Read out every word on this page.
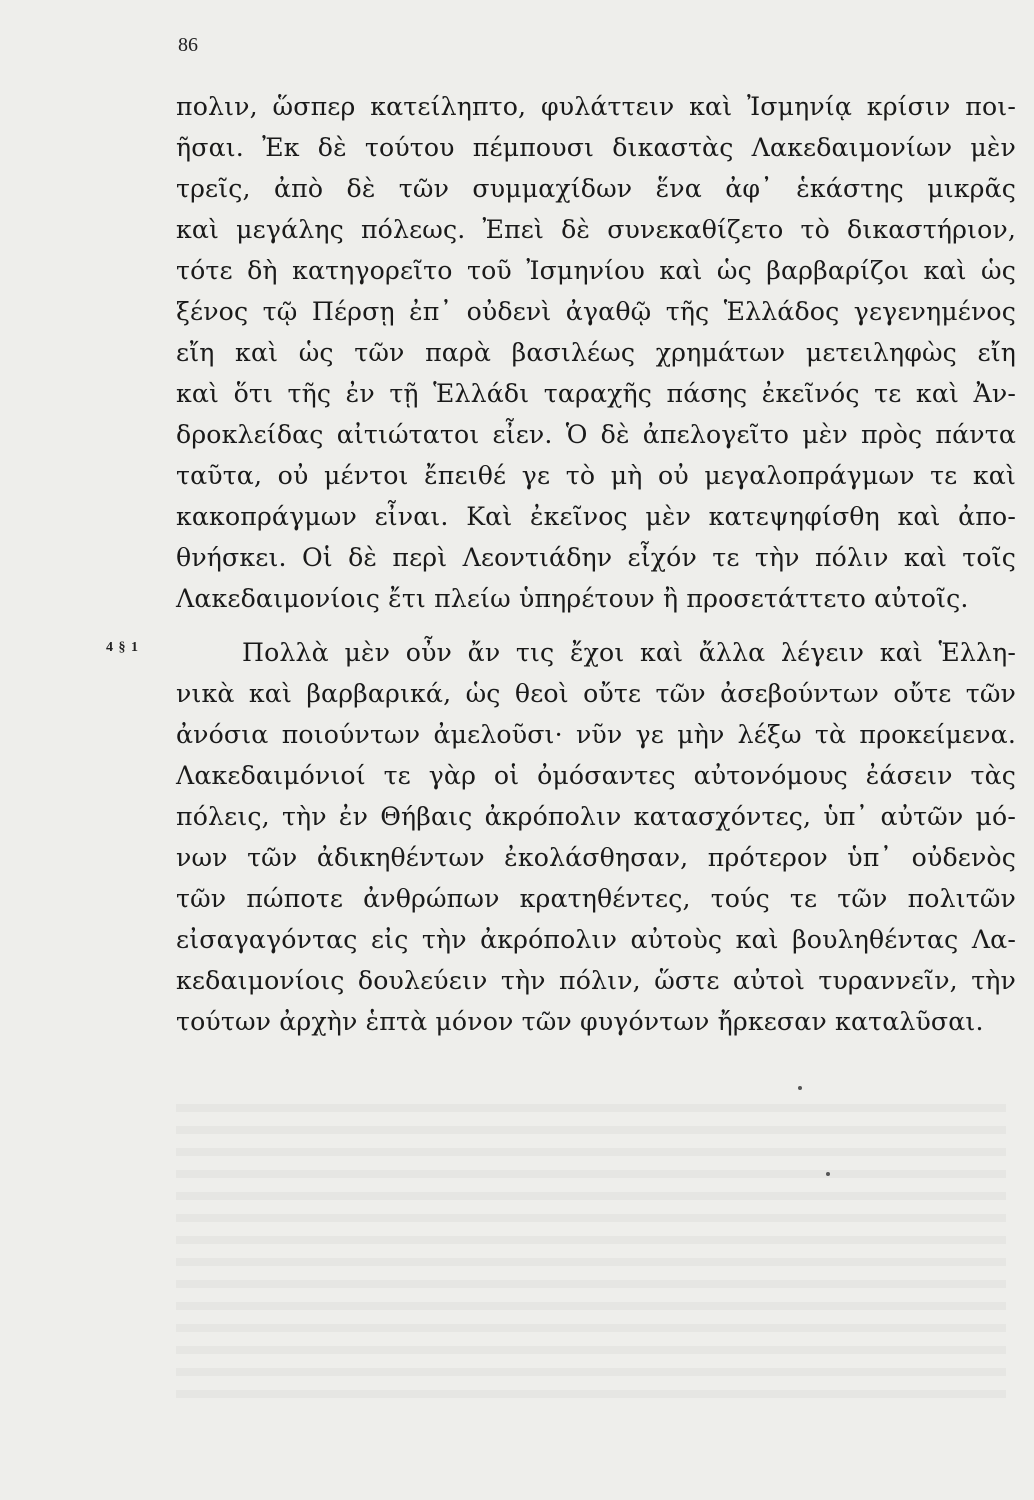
86
4 § 1
πολιν, ὥσπερ κατείληπτο, φυλάττειν καὶ Ἰσμηνίᾳ κρίσιν ποι-
ῆσαι. Ἐκ δὲ τούτου πέμπουσι δικαστὰς Λακεδαιμονίων μὲν
τρεῖς, ἀπὸ δὲ τῶν συμμαχίδων ἕνα ἀφ᾽ ἑκάστης μικρᾶς
καὶ μεγάλης πόλεως. Ἐπεὶ δὲ συνεκαθίζετο τὸ δικαστήριον,
τότε δὴ κατηγορεῖτο τοῦ Ἰσμηνίου καὶ ὡς βαρβαρίζοι καὶ ὡς
ξένος τῷ Πέρσῃ ἐπ᾽ οὐδενὶ ἀγαθῷ τῆς Ἑλλάδος γεγενημένος
εἴη καὶ ὡς τῶν παρὰ βασιλέως χρημάτων μετειληφὼς εἴη
καὶ ὅτι τῆς ἐν τῇ Ἑλλάδι ταραχῆς πάσης ἐκεῖνός τε καὶ Ἀν-
δροκλείδας αἰτιώτατοι εἶεν. Ὁ δὲ ἀπελογεῖτο μὲν πρὸς πάντα
ταῦτα, οὐ μέντοι ἔπειθέ γε τὸ μὴ οὐ μεγαλοπράγμων τε καὶ
κακοπράγμων εἶναι. Καὶ ἐκεῖνος μὲν κατεψηφίσθη καὶ ἀπο-
θνήσκει. Οἱ δὲ περὶ Λεοντιάδην εἶχόν τε τὴν πόλιν καὶ τοῖς
Λακεδαιμονίοις ἔτι πλείω ὑπηρέτουν ἢ προσετάττετο αὐτοῖς.
Πολλὰ μὲν οὖν ἄν τις ἔχοι καὶ ἄλλα λέγειν καὶ Ἑλλη-
νικὰ καὶ βαρβαρικά, ὡς θεοὶ οὔτε τῶν ἀσεβούντων οὔτε τῶν
ἀνόσια ποιούντων ἀμελοῦσι· νῦν γε μὴν λέξω τὰ προκείμενα.
Λακεδαιμόνιοί τε γὰρ οἱ ὀμόσαντες αὐτονόμους ἐάσειν τὰς
πόλεις, τὴν ἐν Θήβαις ἀκρόπολιν κατασχόντες, ὑπ᾽ αὐτῶν μό-
νων τῶν ἀδικηθέντων ἐκολάσθησαν, πρότερον ὑπ᾽ οὐδενὸς
τῶν πώποτε ἀνθρώπων κρατηθέντες, τούς τε τῶν πολιτῶν
εἰσαγαγόντας εἰς τὴν ἀκρόπολιν αὐτοὺς καὶ βουληθέντας Λα-
κεδαιμονίοις δουλεύειν τὴν πόλιν, ὥστε αὐτοὶ τυραννεῖν, τὴν
τούτων ἀρχὴν ἑπτὰ μόνον τῶν φυγόντων ἤρκεσαν καταλῦσαι.
